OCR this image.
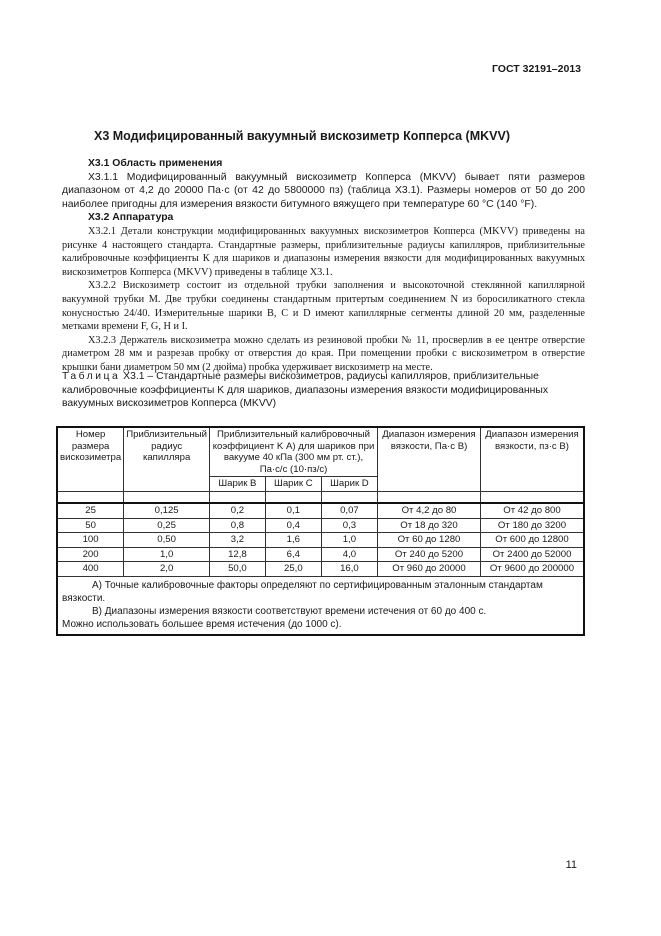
ГОСТ 32191–2013
X3 Модифицированный вакуумный вискозиметр Копперса (MKVV)

X3.1 Область применения

X3.1.1 Модифицированный вакуумный вискозиметр Копперса (MKVV) бывает пяти размеров диапазоном от 4,2 до 20000 Па·с (от 42 до 5800000 пз) (таблица X3.1). Размеры номеров от 50 до 200 наиболее пригодны для измерения вязкости битумного вяжущего при температуре 60 °С (140 °F).

X3.2 Аппаратура

X3.2.1 Детали конструкции модифицированных вакуумных вискозиметров Копперса (MKVV) приведены на рисунке 4 настоящего стандарта. Стандартные размеры, приблизительные радиусы капилляров, приблизительные калибровочные коэффициенты К для шариков и диапазоны измерения вязкости для модифицированных вакуумных вискозиметров Копперса (MKVV) приведены в таблице X3.1.

X3.2.2 Вискозиметр состоит из отдельной трубки заполнения и высокоточной стеклянной капиллярной вакуумной трубки M. Две трубки соединены стандартным притертым соединением N из боросиликатного стекла конусностью 24/40. Измерительные шарики B, C и D имеют капиллярные сегменты длиной 20 мм, разделенные метками времени F, G, H и I.

X3.2.3 Держатель вискозиметра можно сделать из резиновой пробки № 11, просверлив в ее центре отверстие диаметром 28 мм и разрезав пробку от отверстия до края. При помещении пробки с вискозиметром в отверстие крышки бани диаметром 50 мм (2 дюйма) пробка удерживает вискозиметр на месте.

Таблица X3.1 – Стандартные размеры вискозиметров, радиусы капилляров, приблизительные калибровочные коэффициенты K для шариков, диапазоны измерения вязкости модифицированных вакуумных вискозиметров Копперса (MKVV)
Номер размера вискозиметра	Приблизительный радиус капилляра	Приблизительный калибровочный коэффициент K А) для шариков при вакууме 40 кПа (300 мм рт. ст.), Па·с/с (10·пз/с)			Диапазон измерения вязкости, Па·с B)	Диапазон измерения вязкости, пз·с B)
		Шарик B	Шарик C	Шарик D		

25	0,125	0,2	0,1	0,07	От 4,2 до 80	От 42 до 800
50	0,25	0,8	0,4	0,3	От 18 до 320	От 180 до 3200
100	0,50	3,2	1,6	1,0	От 60 до 1280	От 600 до 12800
200	1,0	12,8	6,4	4,0	От 240 до 5200	От 2400 до 52000
400	2,0	50,0	25,0	16,0	От 960 до 20000	От 9600 до 200000

А) Точные калибровочные факторы определяют по сертифицированным эталонным стандартам вязкости.
В) Диапазоны измерения вязкости соответствуют времени истечения от 60 до 400 с.
Можно использовать большее время истечения (до 1000 с).						
11
